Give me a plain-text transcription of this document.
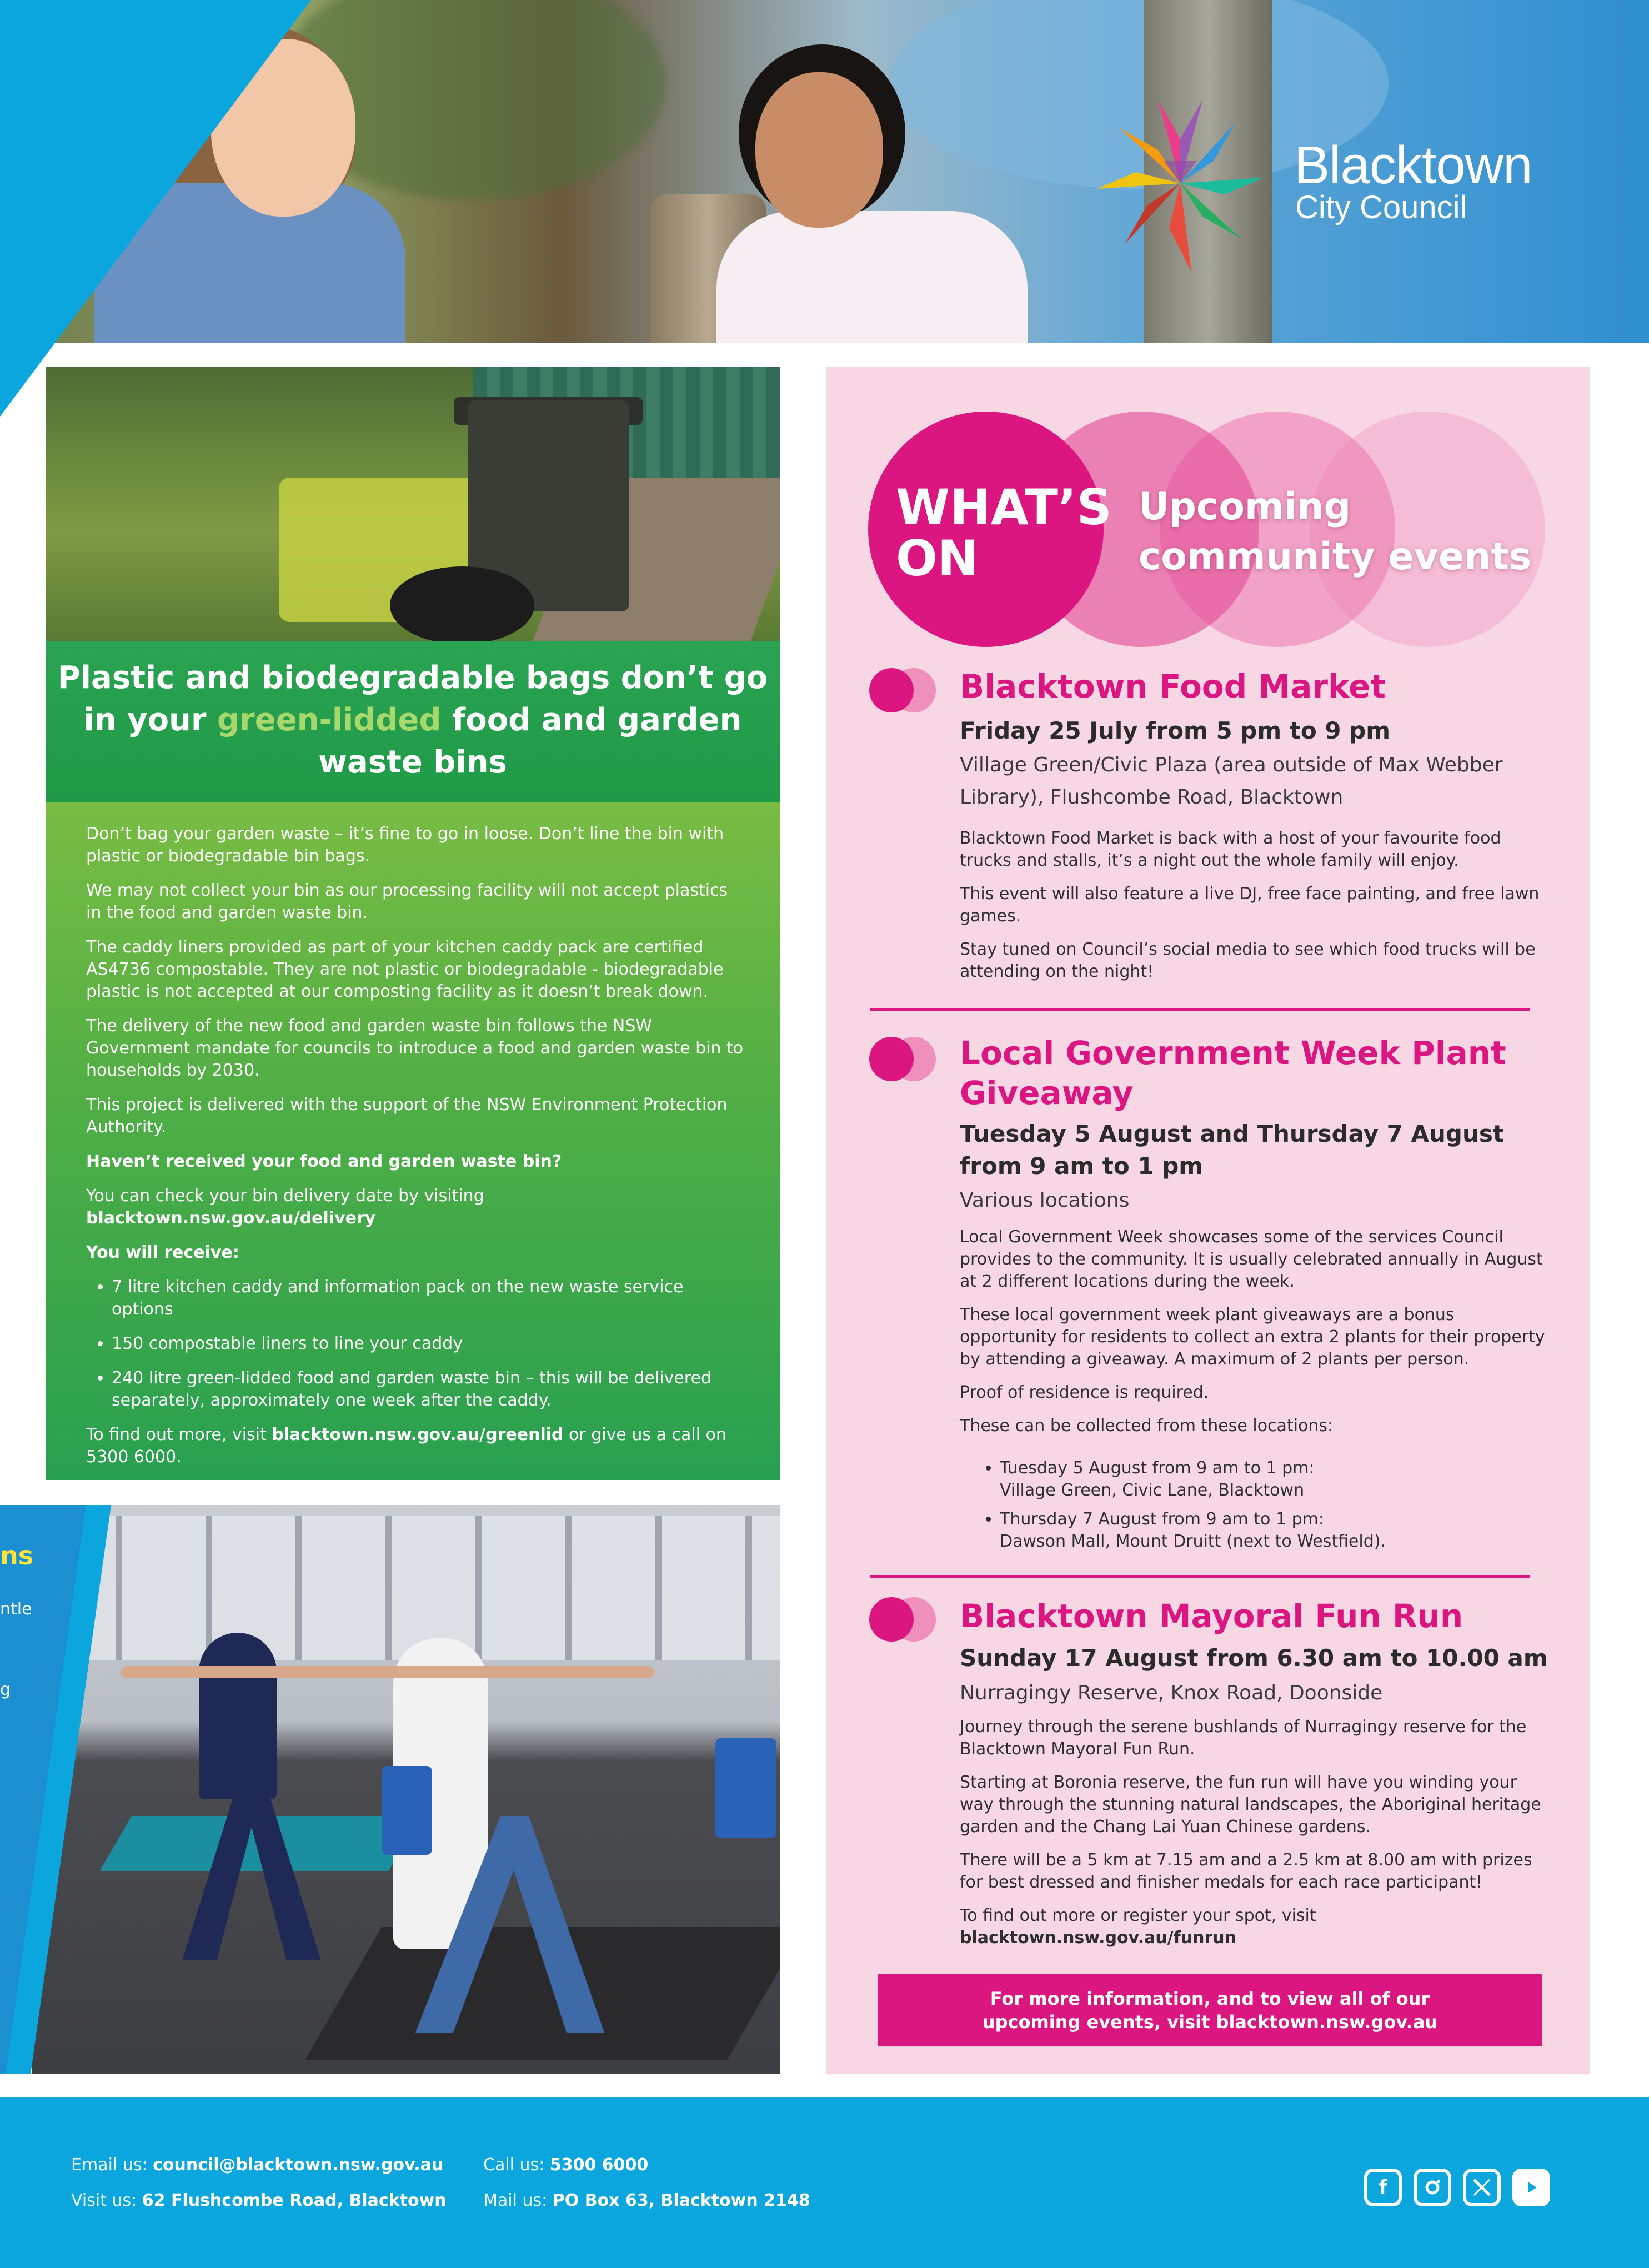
Blacktown
City Council
Plastic and biodegradable bags don’t go in your green-lidded food and garden waste bins

Don’t bag your garden waste – it’s fine to go in loose. Don’t line the bin with plastic or biodegradable bin bags.

We may not collect your bin as our processing facility will not accept plastics in the food and garden waste bin.

The caddy liners provided as part of your kitchen caddy pack are certified AS4736 compostable. They are not plastic or biodegradable - biodegradable plastic is not accepted at our composting facility as it doesn’t break down.

The delivery of the new food and garden waste bin follows the NSW Government mandate for councils to introduce a food and garden waste bin to households by 2030.

This project is delivered with the support of the NSW Environment Protection Authority.

Haven’t received your food and garden waste bin?

You can check your bin delivery date by visiting blacktown.nsw.gov.au/delivery

You will receive:

• 7 litre kitchen caddy and information pack on the new waste service options
• 150 compostable liners to line your caddy
• 240 litre green-lidded food and garden waste bin – this will be delivered separately, approximately one week after the caddy.

To find out more, visit blacktown.nsw.gov.au/greenlid or give us a call on 5300 6000.

ns
ntle
g
WHAT’S
ON
Upcoming
community events
Blacktown Food Market
Friday 25 July from 5 pm to 9 pm
Village Green/Civic Plaza (area outside of Max Webber Library), Flushcombe Road, Blacktown

Blacktown Food Market is back with a host of your favourite food trucks and stalls, it’s a night out the whole family will enjoy.

This event will also feature a live DJ, free face painting, and free lawn games.

Stay tuned on Council’s social media to see which food trucks will be attending on the night!

Local Government Week Plant Giveaway
Tuesday 5 August and Thursday 7 August from 9 am to 1 pm
Various locations

Local Government Week showcases some of the services Council provides to the community. It is usually celebrated annually in August at 2 different locations during the week.

These local government week plant giveaways are a bonus opportunity for residents to collect an extra 2 plants for their property by attending a giveaway. A maximum of 2 plants per person.

Proof of residence is required.

These can be collected from these locations:

• Tuesday 5 August from 9 am to 1 pm:
Village Green, Civic Lane, Blacktown
• Thursday 7 August from 9 am to 1 pm:
Dawson Mall, Mount Druitt (next to Westfield).
Blacktown Mayoral Fun Run
Sunday 17 August from 6.30 am to 10.00 am
Nurragingy Reserve, Knox Road, Doonside

Journey through the serene bushlands of Nurragingy reserve for the Blacktown Mayoral Fun Run.

Starting at Boronia reserve, the fun run will have you winding your way through the stunning natural landscapes, the Aboriginal heritage garden and the Chang Lai Yuan Chinese gardens.

There will be a 5 km at 7.15 am and a 2.5 km at 8.00 am with prizes for best dressed and finisher medals for each race participant!

To find out more or register your spot, visit
blacktown.nsw.gov.au/funrun

For more information, and to view all of our
upcoming events, visit blacktown.nsw.gov.au
Email us: council@blacktown.nsw.gov.au
Visit us: 62 Flushcombe Road, Blacktown
Call us: 5300 6000
Mail us: PO Box 63, Blacktown 2148
f
